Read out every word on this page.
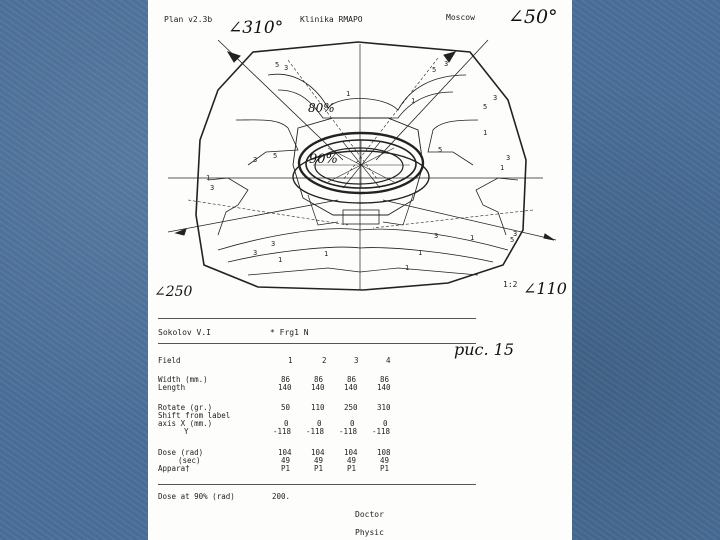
Plan v2.3b	Klinika RMAPO	Moscow
∠310°	∠50°
∠250	∠110
5 3
1
5
3
1
5
3
1
3 5
1
3
3
1
5
3
1
1
1	3
3
1
3
1
5
1:2
80%
90%
Sokolov V.I	* Frg1 N
рис. 15
Field	1	2	3	4
Width (mm.)	86	86	86	86
Length	140	140	140	140
Rotate (gr.)	50	110	250	310
Shift from label
axis X (mm.)	0	0	0	0
Y	-118 -118 -118 -118
Dose (rad)	104	104	104	108
(sec)	49	49	49	49
Appara†	P1	P1	P1	P1
Dose at 90% (rad)	200.
Doctor
Physic
